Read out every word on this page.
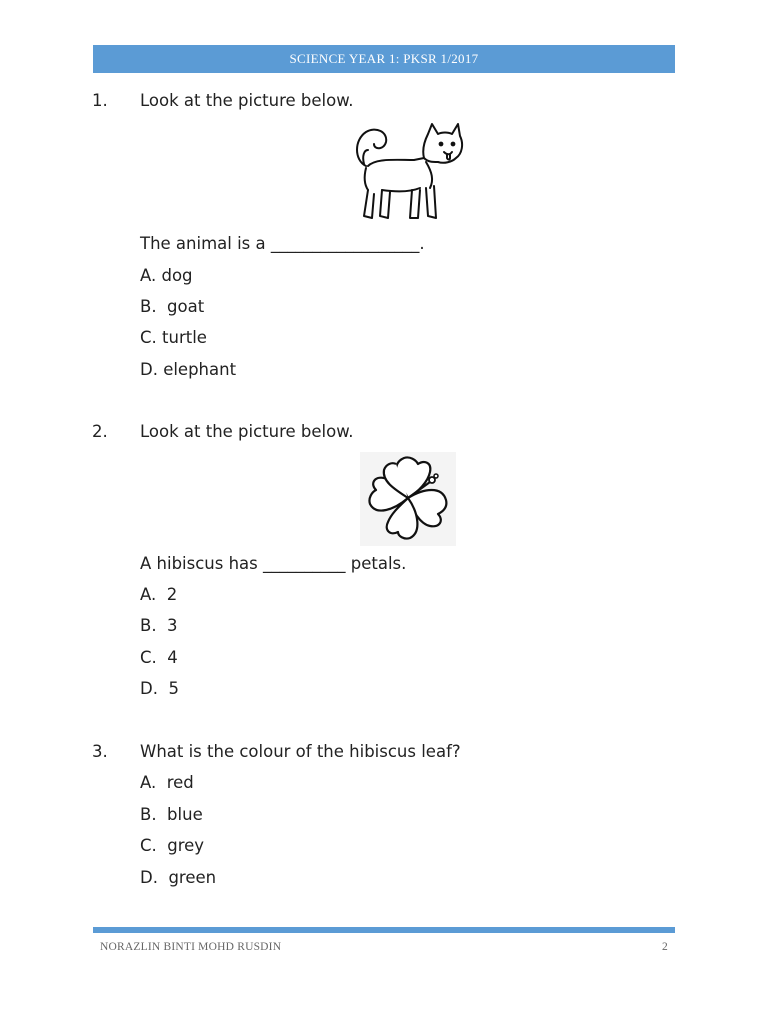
SCIENCE YEAR 1: PKSR 1/2017
1. Look at the picture below.
The animal is a __________________.
A. dog
B.  goat
C. turtle
D. elephant
2. Look at the picture below.
A hibiscus has __________ petals.
A.  2
B.  3
C.  4
D.  5
3. What is the colour of the hibiscus leaf?
A.  red
B.  blue
C.  grey
D.  green
NORAZLIN BINTI MOHD RUSDIN	2
